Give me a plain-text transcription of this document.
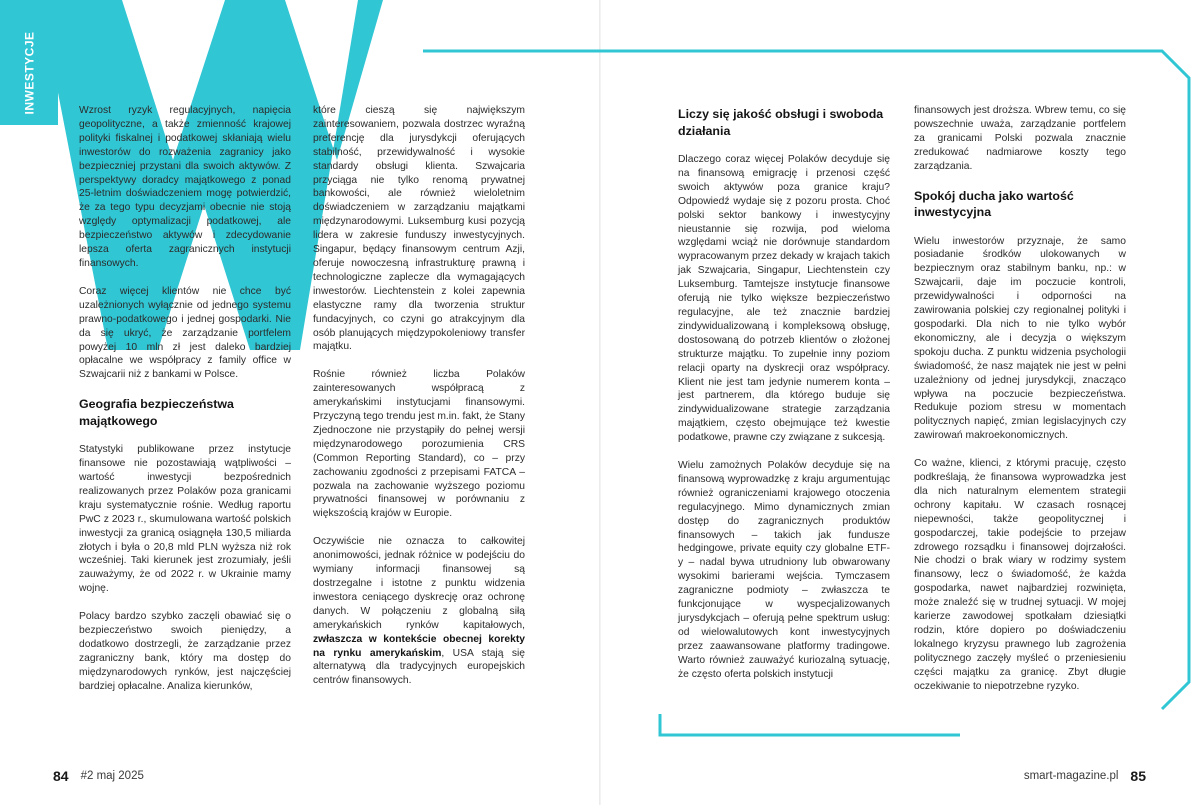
INWESTYCJE	Wzrost ryzyk regulacyjnych, napięcia geopolityczne, a także zmienność krajowej polityki fiskalnej i podatkowej skłaniają wielu inwestorów do rozważenia zagranicy jako bezpieczniej przystani dla swoich aktywów. Z perspektywy doradcy majątkowego z ponad 25-letnim doświadczeniem mogę potwierdzić, że za tego typu decyzjami obecnie nie stoją względy optymalizacji podatkowej, ale bezpieczeństwo aktywów i zdecydowanie lepsza oferta zagranicznych instytucji finansowych.

Coraz więcej klientów nie chce być uzależnionych wyłącznie od jednego systemu prawno-podatkowego i jednej gospodarki. Nie da się ukryć, że zarządzanie portfelem powyżej 10 mln zł jest daleko bardziej opłacalne we współpracy z family office w Szwajcarii niż z bankami w Polsce.

Geografia bezpieczeństwa majątkowego

Statystyki publikowane przez instytucje finansowe nie pozostawiają wątpliwości – wartość inwestycji bezpośrednich realizowanych przez Polaków poza granicami kraju systematycznie rośnie. Według raportu PwC z 2023 r., skumulowana wartość polskich inwestycji za granicą osiągnęła 130,5 miliarda złotych i była o 20,8 mld PLN wyższa niż rok wcześniej. Taki kierunek jest zrozumiały, jeśli zauważymy, że od 2022 r. w Ukrainie mamy wojnę.

Polacy bardzo szybko zaczęli obawiać się o bezpieczeństwo swoich pieniędzy, a dodatkowo dostrzegli, że zarządzanie przez zagraniczny bank, który ma dostęp do międzynarodowych rynków, jest najczęściej bardziej opłacalne. Analiza kierunków,

które cieszą się największym zainteresowaniem, pozwala dostrzec wyraźną preferencję dla jurysdykcji oferujących stabilność, przewidywalność i wysokie standardy obsługi klienta. Szwajcaria przyciąga nie tylko renomą prywatnej bankowości, ale również wieloletnim doświadczeniem w zarządzaniu majątkami międzynarodowymi. Luksemburg kusi pozycją lidera w zakresie funduszy inwestycyjnych. Singapur, będący finansowym centrum Azji, oferuje nowoczesną infrastrukturę prawną i technologiczne zaplecze dla wymagających inwestorów. Liechtenstein z kolei zapewnia elastyczne ramy dla tworzenia struktur fundacyjnych, co czyni go atrakcyjnym dla osób planujących międzypokoleniowy transfer majątku.

Rośnie również liczba Polaków zainteresowanych współpracą z amerykańskimi instytucjami finansowymi. Przyczyną tego trendu jest m.in. fakt, że Stany Zjednoczone nie przystąpiły do pełnej wersji międzynarodowego porozumienia CRS (Common Reporting Standard), co – przy zachowaniu zgodności z przepisami FATCA – pozwala na zachowanie wyższego poziomu prywatności finansowej w porównaniu z większością krajów w Europie.

Oczywiście nie oznacza to całkowitej anonimowości, jednak różnice w podejściu do wymiany informacji finansowej są dostrzegalne i istotne z punktu widzenia inwestora ceniącego dyskrecję oraz ochronę danych. W połączeniu z globalną siłą amerykańskich rynków kapitałowych, zwłaszcza w kontekście obecnej korekty na rynku amerykańskim, USA stają się alternatywą dla tradycyjnych europejskich centrów finansowych.

Liczy się jakość obsługi i swoboda działania

Dlaczego coraz więcej Polaków decyduje się na finansową emigrację i przenosi część swoich aktywów poza granice kraju? Odpowiedź wydaje się z pozoru prosta. Choć polski sektor bankowy i inwestycyjny nieustannie się rozwija, pod wieloma względami wciąż nie dorównuje standardom wypracowanym przez dekady w krajach takich jak Szwajcaria, Singapur, Liechtenstein czy Luksemburg. Tamtejsze instytucje finansowe oferują nie tylko większe bezpieczeństwo regulacyjne, ale też znacznie bardziej zindywidualizowaną i kompleksową obsługę, dostosowaną do potrzeb klientów o złożonej strukturze majątku. To zupełnie inny poziom relacji oparty na dyskrecji oraz współpracy. Klient nie jest tam jedynie numerem konta – jest partnerem, dla którego buduje się zindywidualizowane strategie zarządzania majątkiem, często obejmujące też kwestie podatkowe, prawne czy związane z sukcesją.

Wielu zamożnych Polaków decyduje się na finansową wyprowadzkę z kraju argumentując również ograniczeniami krajowego otoczenia regulacyjnego. Mimo dynamicznych zmian dostęp do zagranicznych produktów finansowych – takich jak fundusze hedgingowe, private equity czy globalne ETF-y – nadal bywa utrudniony lub obwarowany wysokimi barierami wejścia. Tymczasem zagraniczne podmioty – zwłaszcza te funkcjonujące w wyspecjalizowanych jurysdykcjach – oferują pełne spektrum usług: od wielowalutowych kont inwestycyjnych przez zaawansowane platformy tradingowe. Warto również zauważyć kuriozalną sytuację, że często oferta polskich instytucji

finansowych jest droższa. Wbrew temu, co się powszechnie uważa, zarządzanie portfelem za granicami Polski pozwala znacznie zredukować nadmiarowe koszty tego zarządzania.

Spokój ducha jako wartość inwestycyjna

Wielu inwestorów przyznaje, że samo posiadanie środków ulokowanych w bezpiecznym oraz stabilnym banku, np.: w Szwajcarii, daje im poczucie kontroli, przewidywalności i odporności na zawirowania polskiej czy regionalnej polityki i gospodarki. Dla nich to nie tylko wybór ekonomiczny, ale i decyzja o większym spokoju ducha. Z punktu widzenia psychologii świadomość, że nasz majątek nie jest w pełni uzależniony od jednej jurysdykcji, znacząco wpływa na poczucie bezpieczeństwa. Redukuje poziom stresu w momentach politycznych napięć, zmian legislacyjnych czy zawirowań makroekonomicznych.

Co ważne, klienci, z którymi pracuję, często podkreślają, że finansowa wyprowadzka jest dla nich naturalnym elementem strategii ochrony kapitału. W czasach rosnącej niepewności, także geopolitycznej i gospodarczej, takie podejście to przejaw zdrowego rozsądku i finansowej dojrzałości. Nie chodzi o brak wiary w rodzimy system finansowy, lecz o świadomość, że każda gospodarka, nawet najbardziej rozwinięta, może znaleźć się w trudnej sytuacji. W mojej karierze zawodowej spotkałam dziesiątki rodzin, które dopiero po doświadczeniu lokalnego kryzysu prawnego lub zagrożenia politycznego zaczęły myśleć o przeniesieniu części majątku za granicę. Zbyt długie oczekiwanie to niepotrzebne ryzyko.

84 #2 maj 2025	smart-magazine.pl 85
